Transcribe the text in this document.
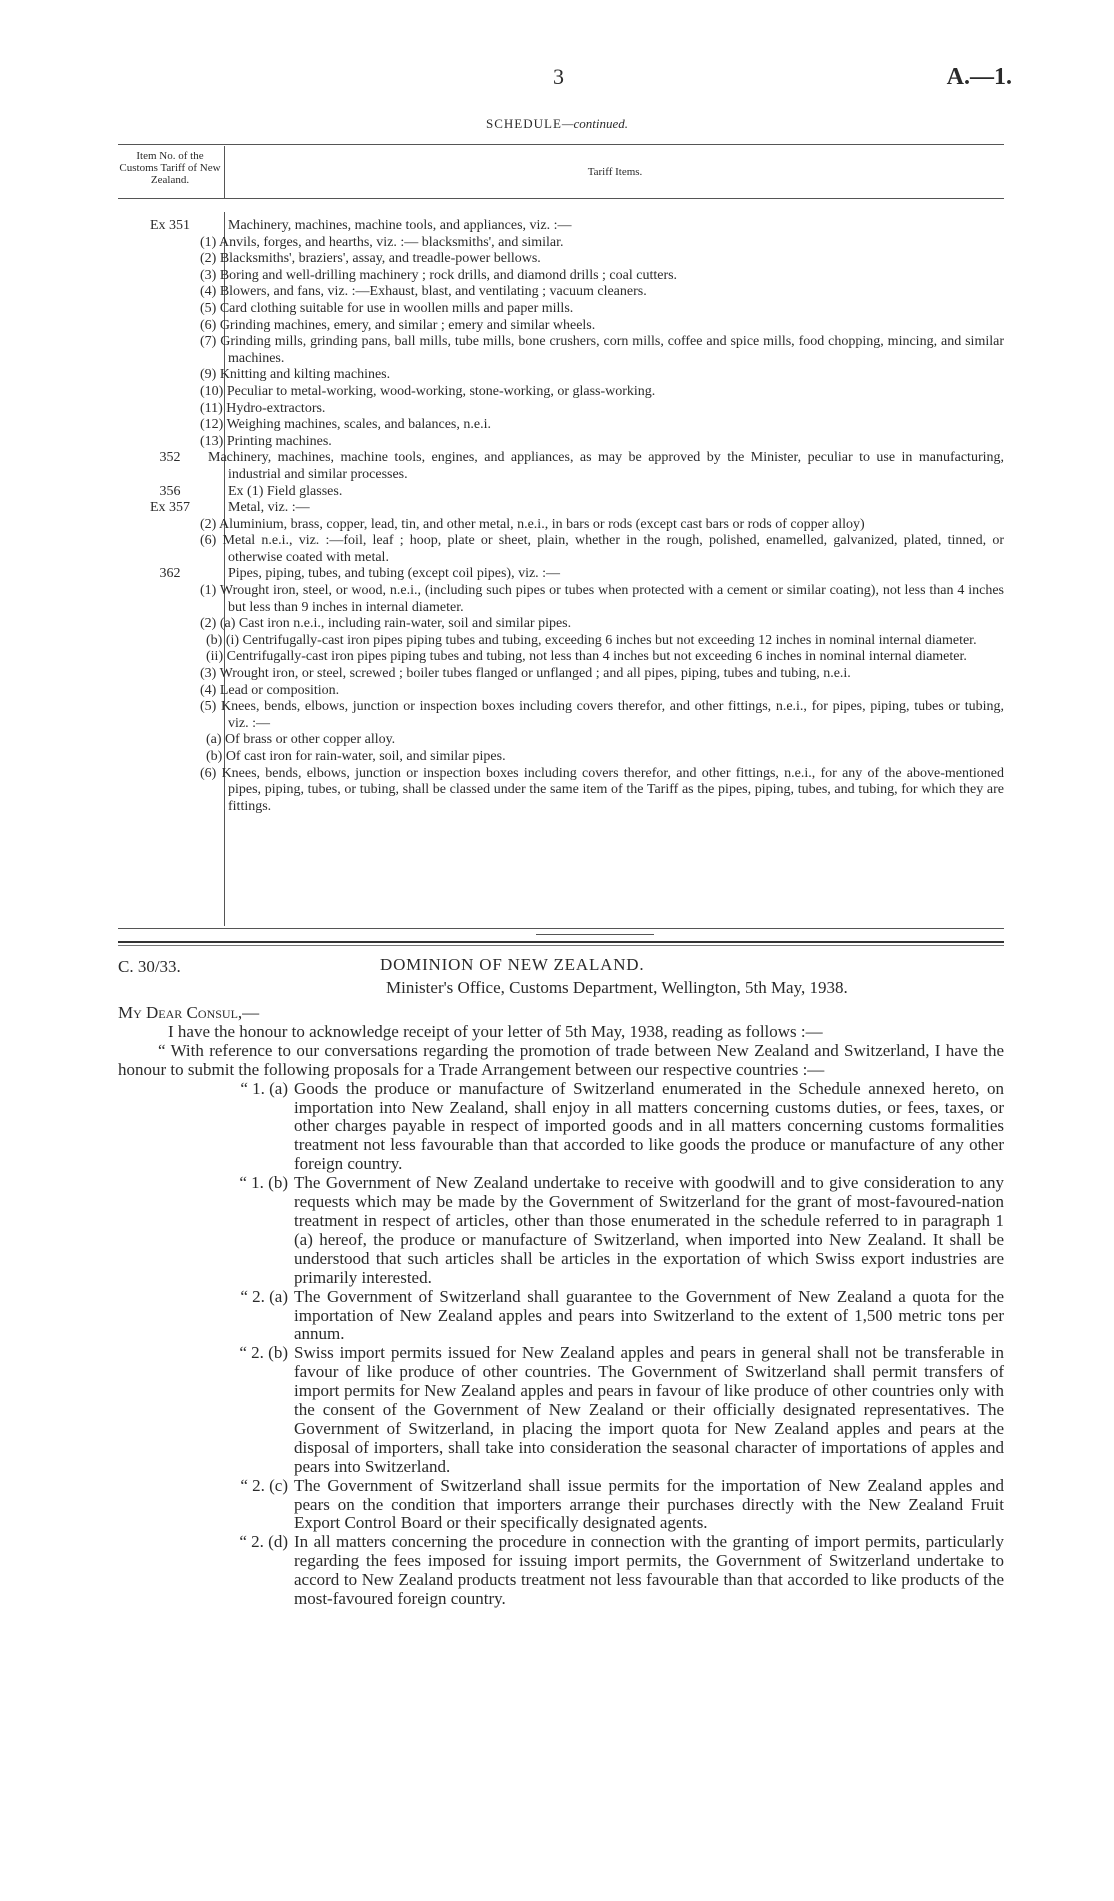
3	A.—1.
SCHEDULE—continued.
Item No. of the Customs Tariff of New Zealand.
Tariff Items.
Ex 351	Machinery, machines, machine tools, and appliances, viz. :—
(1) Anvils, forges, and hearths, viz. :— blacksmiths', and similar.
(2) Blacksmiths', braziers', assay, and treadle-power bellows.
(3) Boring and well-drilling machinery ; rock drills, and diamond drills ; coal cutters.
(4) Blowers, and fans, viz. :—Exhaust, blast, and ventilating ; vacuum cleaners.
(5) Card clothing suitable for use in woollen mills and paper mills.
(6) Grinding machines, emery, and similar ; emery and similar wheels.
(7) Grinding mills, grinding pans, ball mills, tube mills, bone crushers, corn mills, coffee and spice mills, food chopping, mincing, and similar machines.
(9) Knitting and kilting machines.
(10) Peculiar to metal-working, wood-working, stone-working, or glass-working.
(11) Hydro-extractors.
(12) Weighing machines, scales, and balances, n.e.i.
(13) Printing machines.
352	Machinery, machines, machine tools, engines, and appliances, as may be approved by the Minister, peculiar to use in manufacturing, industrial and similar processes.
356	Ex (1) Field glasses.
Ex 357	Metal, viz. :—
(2) Aluminium, brass, copper, lead, tin, and other metal, n.e.i., in bars or rods (except cast bars or rods of copper alloy)
(6) Metal n.e.i., viz. :—foil, leaf ; hoop, plate or sheet, plain, whether in the rough, polished, enamelled, galvanized, plated, tinned, or otherwise coated with metal.
362	Pipes, piping, tubes, and tubing (except coil pipes), viz. :—
(1) Wrought iron, steel, or wood, n.e.i., (including such pipes or tubes when protected with a cement or similar coating), not less than 4 inches but less than 9 inches in internal diameter.
(2) (a) Cast iron n.e.i., including rain-water, soil and similar pipes.
(b) (i) Centrifugally-cast iron pipes piping tubes and tubing, exceeding 6 inches but not exceeding 12 inches in nominal internal diameter.
(ii) Centrifugally-cast iron pipes piping tubes and tubing, not less than 4 inches but not exceeding 6 inches in nominal internal diameter.
(3) Wrought iron, or steel, screwed ; boiler tubes flanged or unflanged ; and all pipes, piping, tubes and tubing, n.e.i.
(4) Lead or composition.
(5) Knees, bends, elbows, junction or inspection boxes including covers therefor, and other fittings, n.e.i., for pipes, piping, tubes or tubing, viz. :—
(a) Of brass or other copper alloy.
(b) Of cast iron for rain-water, soil, and similar pipes.
(6) Knees, bends, elbows, junction or inspection boxes including covers therefor, and other fittings, n.e.i., for any of the above-mentioned pipes, piping, tubes, or tubing, shall be classed under the same item of the Tariff as the pipes, piping, tubes, and tubing, for which they are fittings.
C. 30/33.	DOMINION OF NEW ZEALAND.
Minister's Office, Customs Department, Wellington, 5th May, 1938.
My Dear Consul,—

I have the honour to acknowledge receipt of your letter of 5th May, 1938, reading as follows :—

“ With reference to our conversations regarding the promotion of trade between New Zealand and Switzerland, I have the honour to submit the following proposals for a Trade Arrangement between our respective countries :—

“ 1. (a) Goods the produce or manufacture of Switzerland enumerated in the Schedule annexed hereto, on importation into New Zealand, shall enjoy in all matters concerning customs duties, or fees, taxes, or other charges payable in respect of imported goods and in all matters concerning customs formalities treatment not less favourable than that accorded to like goods the produce or manufacture of any other foreign country.
“ 1. (b) The Government of New Zealand undertake to receive with goodwill and to give consideration to any requests which may be made by the Government of Switzerland for the grant of most-favoured-nation treatment in respect of articles, other than those enumerated in the schedule referred to in paragraph 1 (a) hereof, the produce or manufacture of Switzerland, when imported into New Zealand. It shall be understood that such articles shall be articles in the exportation of which Swiss export industries are primarily interested.
“ 2. (a) The Government of Switzerland shall guarantee to the Government of New Zealand a quota for the importation of New Zealand apples and pears into Switzerland to the extent of 1,500 metric tons per annum.
“ 2. (b) Swiss import permits issued for New Zealand apples and pears in general shall not be transferable in favour of like produce of other countries. The Government of Switzerland shall permit transfers of import permits for New Zealand apples and pears in favour of like produce of other countries only with the consent of the Government of New Zealand or their officially designated representatives. The Government of Switzerland, in placing the import quota for New Zealand apples and pears at the disposal of importers, shall take into consideration the seasonal character of importations of apples and pears into Switzerland.
“ 2. (c) The Government of Switzerland shall issue permits for the importation of New Zealand apples and pears on the condition that importers arrange their purchases directly with the New Zealand Fruit Export Control Board or their specifically designated agents.
“ 2. (d) In all matters concerning the procedure in connection with the granting of import permits, particularly regarding the fees imposed for issuing import permits, the Government of Switzerland undertake to accord to New Zealand products treatment not less favourable than that accorded to like products of the most-favoured foreign country.
